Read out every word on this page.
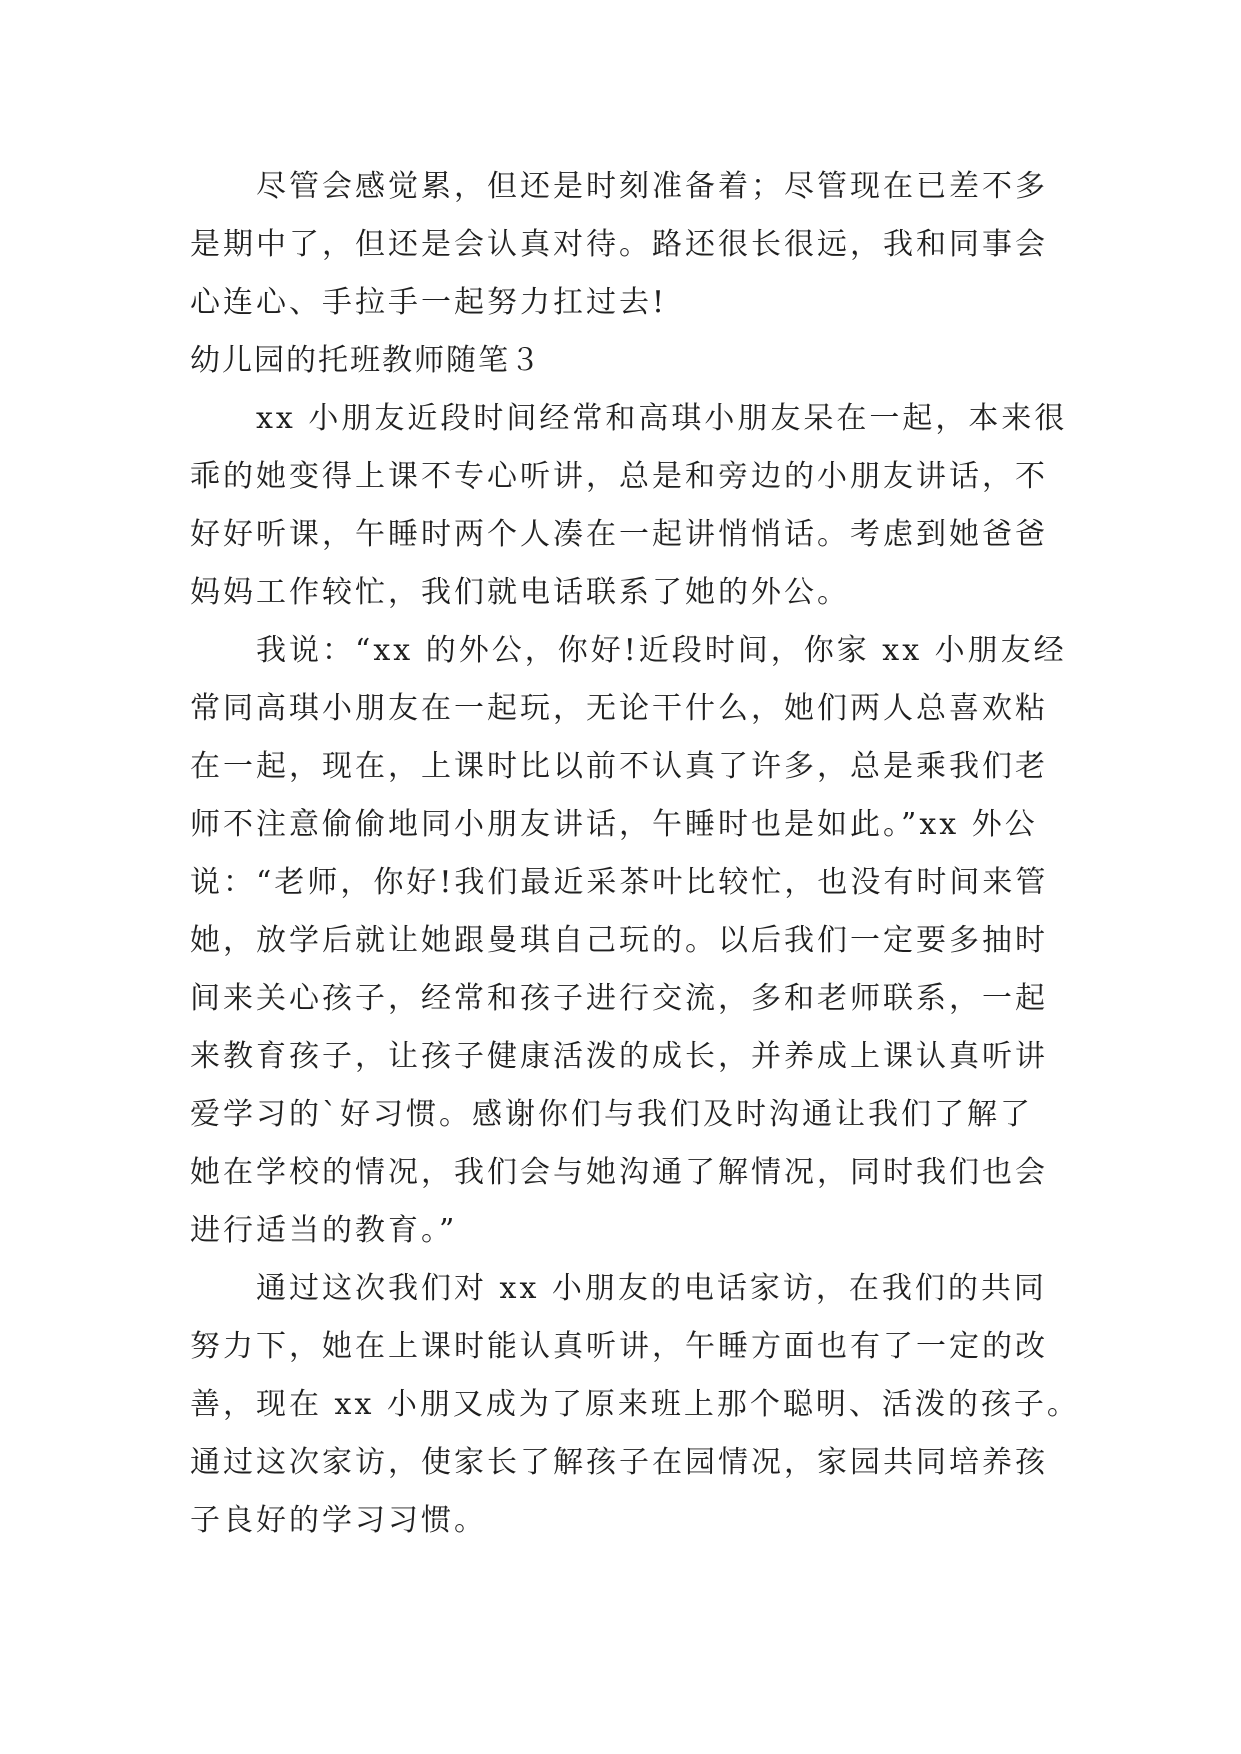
尽管会感觉累，但还是时刻准备着；尽管现在已差不多
是期中了，但还是会认真对待。路还很长很远，我和同事会
心连心、手拉手一起努力扛过去!
幼儿园的托班教师随笔３
xx 小朋友近段时间经常和高琪小朋友呆在一起，本来很
乖的她变得上课不专心听讲，总是和旁边的小朋友讲话，不
好好听课，午睡时两个人凑在一起讲悄悄话。考虑到她爸爸
妈妈工作较忙，我们就电话联系了她的外公。
我说：“xx 的外公，你好!近段时间，你家 xx 小朋友经
常同高琪小朋友在一起玩，无论干什么，她们两人总喜欢粘
在一起，现在，上课时比以前不认真了许多，总是乘我们老
师不注意偷偷地同小朋友讲话，午睡时也是如此。”xx 外公
说：“老师，你好!我们最近采茶叶比较忙，也没有时间来管
她，放学后就让她跟曼琪自己玩的。以后我们一定要多抽时
间来关心孩子，经常和孩子进行交流，多和老师联系，一起
来教育孩子，让孩子健康活泼的成长，并养成上课认真听讲
爱学习的`好习惯。感谢你们与我们及时沟通让我们了解了
她在学校的情况，我们会与她沟通了解情况，同时我们也会
进行适当的教育。”
通过这次我们对 xx 小朋友的电话家访，在我们的共同
努力下，她在上课时能认真听讲，午睡方面也有了一定的改
善，现在 xx 小朋又成为了原来班上那个聪明、活泼的孩子。
通过这次家访，使家长了解孩子在园情况，家园共同培养孩
子良好的学习习惯。
